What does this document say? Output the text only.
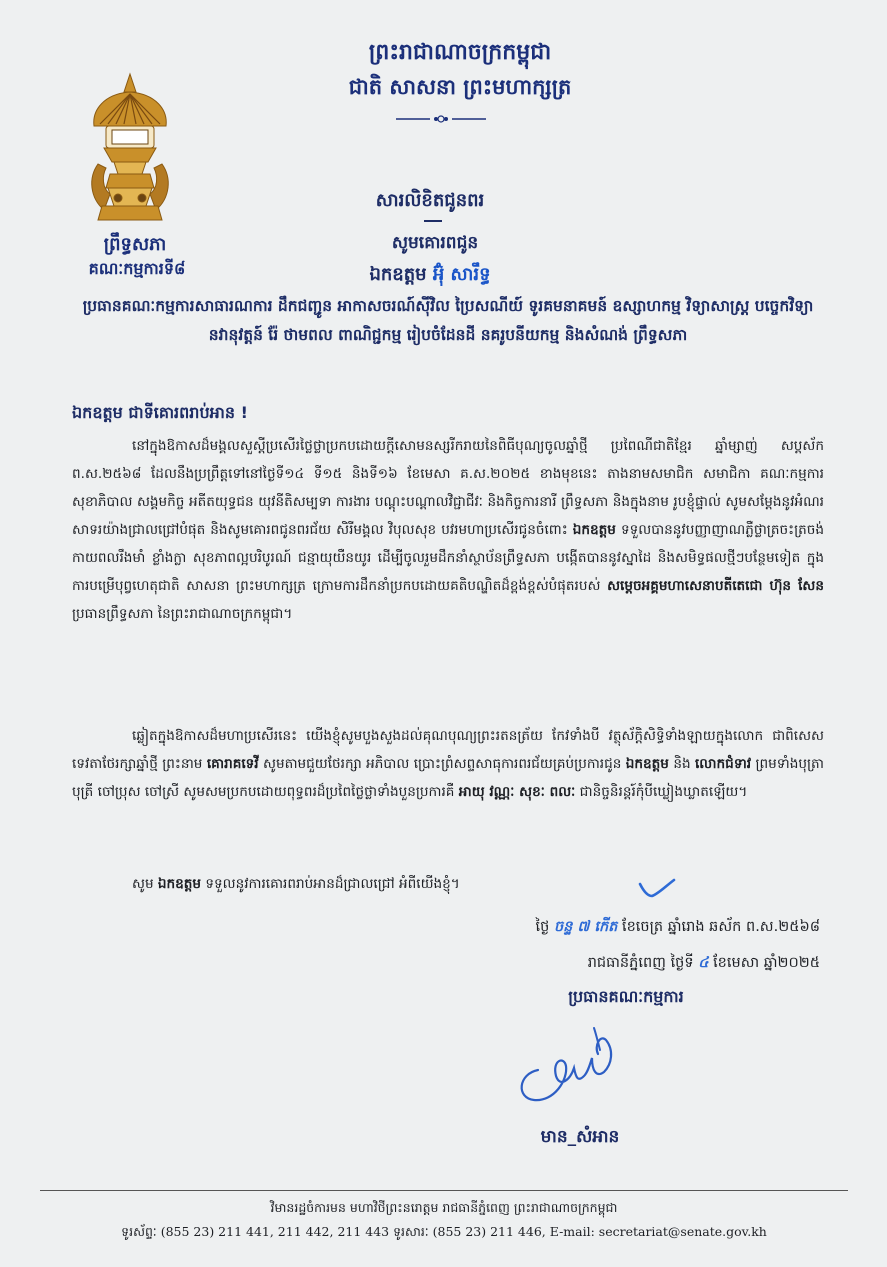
ព្រះរាជាណាចក្រកម្ពុជា
ជាតិ សាសនា ព្រះមហាក្សត្រ
ព្រឹទ្ធសភា
គណៈកម្មការទី៨
សារលិខិតជូនពរ
សូមគោរពជូន
ឯកឧត្តម អ៊ុំ សារឹទ្ធ
ប្រធានគណៈកម្មការសាធារណការ ដឹកជញ្ជូន អាកាសចរណ៍ស៊ីវិល ប្រៃសណីយ៍ ទូរគមនាគមន៍ ឧស្សាហកម្ម វិទ្យាសាស្ត្រ បច្ចេកវិទ្យា នវានុវត្តន៍ រ៉ែ ថាមពល ពាណិជ្ជកម្ម រៀបចំដែនដី នគរូបនីយកម្ម និងសំណង់ ព្រឹទ្ធសភា
ឯកឧត្តម ជាទីគោរពរាប់អាន !
នៅក្នុងឱកាសដ៏មង្គលសួស្តីប្រសើរថ្លៃថ្លាប្រកបដោយក្តីសោមនស្សរីករាយនៃពិធីបុណ្យចូលឆ្នាំថ្មី ប្រពៃណីជាតិខ្មែរ ឆ្នាំម្សាញ់ សប្តស័ក ព.ស.២៥៦៨ ដែលនឹងប្រព្រឹត្តទៅនៅថ្ងៃទី១៤ ទី១៥ និងទី១៦ ខែមេសា គ.ស.២០២៥ ខាងមុខនេះ តាងនាមសមាជិក សមាជិកា គណៈកម្មការសុខាភិបាល សង្គមកិច្ច អតីតយុទ្ធជន យុវនីតិសម្បទា ការងារ បណ្តុះបណ្តាលវិជ្ជាជីវៈ និងកិច្ចការនារី ព្រឹទ្ធសភា និងក្នុងនាម រូបខ្ញុំផ្ទាល់ សូមសម្តែងនូវអំណរសាទរយ៉ាងជ្រាលជ្រៅបំផុត និងសូមគោរពជូនពរជ័យ សិរីមង្គល វិបុលសុខ បវរមហាប្រសើរជូនចំពោះ ឯកឧត្តម ទទួលបាននូវបញ្ញាញាណភ្លឺថ្លាត្រចះត្រចង់ កាយពលរឹងមាំ ខ្លាំងក្លា សុខភាពល្អបរិបូរណ៍ ជន្មាយុយឺនយូរ ដើម្បីចូលរួមដឹកនាំស្ថាប័នព្រឹទ្ធសភា បង្កើតបាននូវស្នាដៃ និងសមិទ្ធផលថ្មីៗបន្ថែមទៀត ក្នុងការបម្រើបុព្វហេតុជាតិ សាសនា ព្រះមហាក្សត្រ ក្រោមការដឹកនាំប្រកបដោយគតិបណ្ឌិតដ៏ខ្ពង់ខ្ពស់បំផុតរបស់ សម្តេចអគ្គមហាសេនាបតីតេជោ ហ៊ុន សែន ប្រធានព្រឹទ្ធសភា នៃព្រះរាជាណាចក្រកម្ពុជា។
ឆ្លៀតក្នុងឱកាសដ៏មហាប្រសើរនេះ យើងខ្ញុំសូមបួងសួងដល់គុណបុណ្យព្រះរតនត្រ័យ កែវទាំងបី វត្ថុស័ក្តិសិទ្ធិទាំងឡាយក្នុងលោក ជាពិសេសទេវតាថែរក្សាឆ្នាំថ្មី ព្រះនាម គោរាគទេវី សូមតាមជួយថែរក្សា អភិបាល ប្រោះព្រំសព្ទសាធុការពរជ័យគ្រប់ប្រការជូន ឯកឧត្តម និង លោកជំទាវ ព្រមទាំងបុត្រា បុត្រី ចៅប្រុស ចៅស្រី សូមសមប្រកបដោយពុទ្ធពរដ៏ប្រពៃថ្លៃថ្លាទាំងបួនប្រការគឺ អាយុ វណ្ណៈ សុខៈ ពលៈ ជានិច្ចនិរន្តរ៍កុំបីឃ្លៀងឃ្លាតឡើយ។
សូម ឯកឧត្តម ទទួលនូវការគោរពរាប់អានដ៏ជ្រាលជ្រៅ អំពីយើងខ្ញុំ។
ថ្ងៃ ចន្ទ ៧ កើត ខែចេត្រ ឆ្នាំរោង ឆស័ក ព.ស.២៥៦៨
រាជធានីភ្នំពេញ ថ្ងៃទី ៤ ខែមេសា ឆ្នាំ២០២៥
ប្រធានគណៈកម្មការ
មាន_សំអាន
វិមានរដ្ឋចំការមន មហាវិថីព្រះនរោត្តម រាជធានីភ្នំពេញ ព្រះរាជាណាចក្រកម្ពុជា
ទូរស័ព្ទៈ (855 23) 211 441, 211 442, 211 443 ទូរសារៈ (855 23) 211 446, E-mail: secretariat@senate.gov.kh
